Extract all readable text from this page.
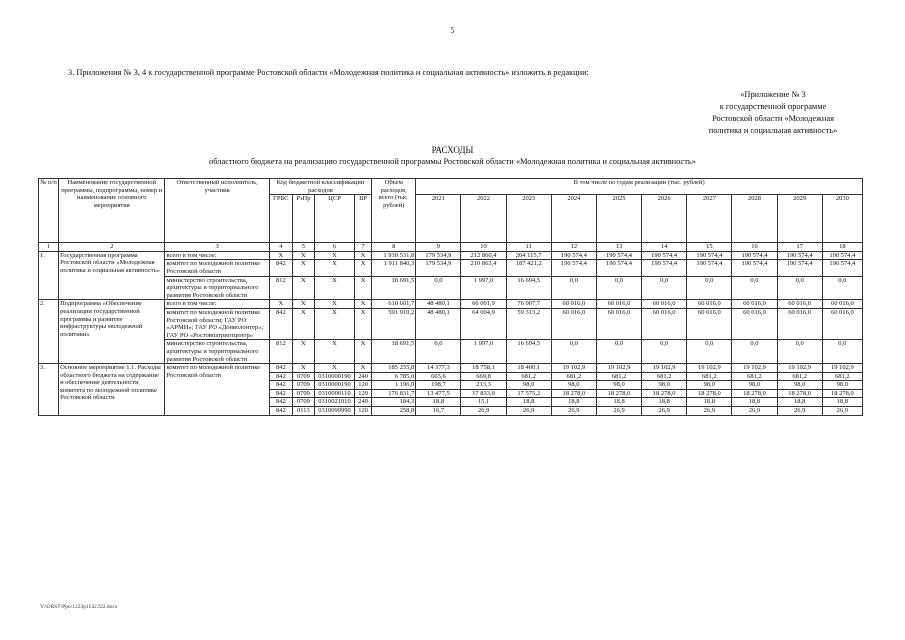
5
3. Приложения № 3, 4 к государственной программе Ростовской области «Молодежная политика и социальная активность» изложить в редакции:
«Приложение № 3
к государственной программе
Ростовской области «Молодежная
политика и социальная активность»
РАСХОДЫ
областного бюджета на реализацию государственной программы Ростовской области «Молодежная политика и социальная активность»
№ п/п	Наименование государственной программы, подпрограммы, номер и наименование основного мероприятия	Ответственный исполнитель, участник	Код бюджетной классификации расходов				Объем расходов, всего (тыс. рублей)	В том числе по годам реализации (тыс. рублей)									
			ГРБС	РзПр	ЦСР	ВР		2021	2022	2023	2024	2025	2026	2027	2028	2029	2030
1	2	3	4	5	6	7	8	9	10	11	12	13	14	15	16	17	18
1.	Государственная программа Ростовской области «Молодежная политика и социальная активность»	всего в том числе:	X	X	X	X	1 930 531,8	179 534,9	212 860,4	204 115,7	190 574,4	190 574,4	190 574,4	190 574,4	190 574,4	190 574,4	190 574,4
		комитет по молодежной политике Ростовской области	842	X	X	X	1 911 840,3	179 534,9	210 863,4	187 421,2	190 574,4	190 574,4	190 574,4	190 574,4	190 574,4	190 574,4	190 574,4
		министерство строительства, архитектуры и территориального развития Ростовской области	812	X	X	X	18 691,5	0,0	1 997,0	16 694,5	0,0	0,0	0,0	0,0	0,0	0,0	0,0
2.	Подпрограмма «Обеспечение реализации государственной программы и развитие инфраструктуры молодежной политики»	всего в том числе:	X	X	X	X	610 601,7	48 480,1	66 001,9	76 007,7	60 016,0	60 016,0	60 016,0	60 016,0	60 016,0	60 016,0	60 016,0
		комитет по молодежной политике Ростовской области; ГАУ РО «АРМИ»; ГАУ РО «Донволонтер»; ГАУ РО «Ростовпатриотцентр»	842	X	X	X	591 910,2	48 480,1	64 004,9	59 313,2	60 016,0	60 016,0	60 016,0	60 016,0	60 016,0	60 016,0	60 016,0
		министерство строительства, архитектуры и территориального развития Ростовской области	812	X	X	X	18 691,5	0,0	1 997,0	16 694,5	0,0	0,0	0,0	0,0	0,0	0,0	0,0
3.	Основное мероприятие 1.1. Расходы областного бюджета на содержание и обеспечение деятельности комитета по молодежной политике Ростовской области	комитет по молодежной политике Ростовской области	842	X	X	X	185 255,8	14 377,3	18 758,1	18 400,1	19 102,9	19 102,9	19 102,9	19 102,9	19 102,9	19 102,9	19 102,9
			842	0709	0310000190	240	6 785,0	665,6	669,8	681,2	681,2	681,2	681,2	681,2	681,2	681,2	681,2
			842	0709	0310000190	120	1 196,0	198,7	213,3	98,0	98,0	98,0	98,0	98,0	98,0	98,0	98,0
			842	0709	0310000110	120	176 831,7	13 477,5	17 833,0	17 575,2	18 278,0	18 278,0	18 278,0	18 278,0	18 278,0	18 278,0	18 278,0
			842	0709	0310021010	240	184,3	18,8	15,1	18,8	18,8	18,8	18,8	18,8	18,8	18,8	18,8
			842	0113	0310099990	120	258,8	16,7	26,9	26,9	26,9	26,9	26,9	26,9	26,9	26,9	26,9
Y:\ORST\Ppo\1223p1142.f22.docx
